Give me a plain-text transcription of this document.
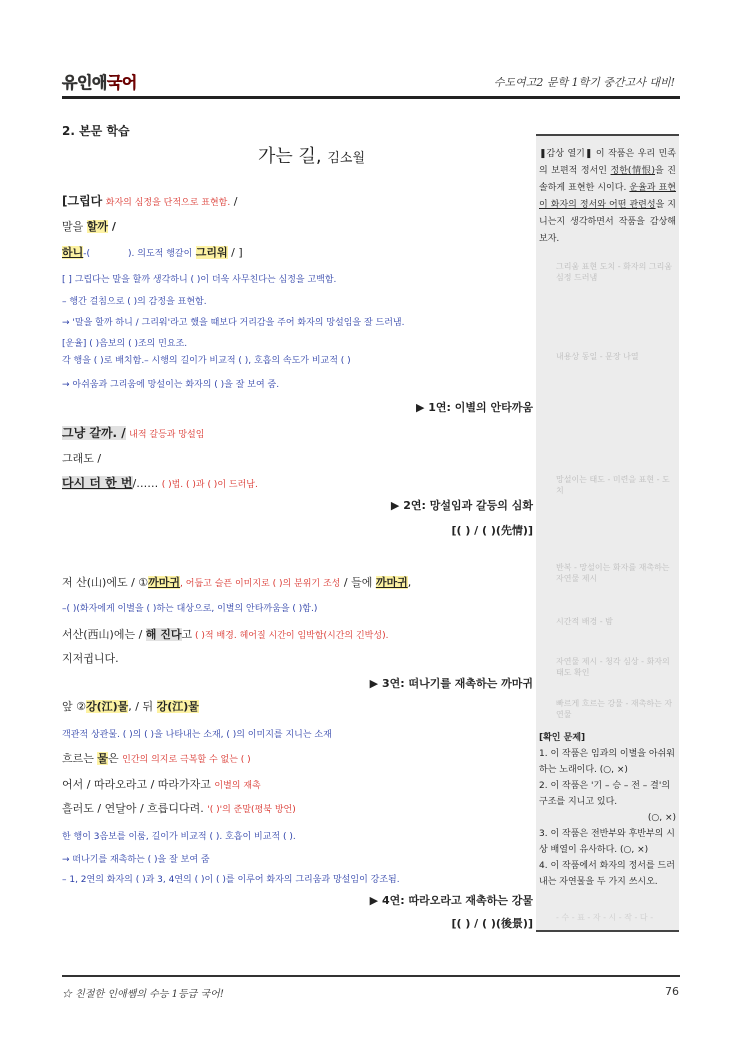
유인애국어	수도여고2 문학 1학기 중간고사 대비!
2. 본문 학습
가는 길, 김소월	❚감상 열기❚ 이 작품은 우리 민족의 보편적 정서인 정한(情恨)을 진솔하게 표현한 시이다. 운율과 표현이 화자의 정서와 어떤 관련성을 지니는지 생각하면서 작품을 감상해 보자.
그리움 표현 도치 - 화자의 그리움 심정 드러냄
내용상 동일 - 문장 나열
망설이는 태도 - 미련을 표현 - 도치
반복 - 망설이는 화자를 재촉하는 자연물 제시
시간적 배경 - 밤
자연물 제시 - 청각 심상 - 화자의 태도 확인
빠르게 흐르는 강물 - 재촉하는 자연물
[확인 문제]
1. 이 작품은 임과의 이별을 아쉬워하는 노래이다. (○, ×)
2. 이 작품은 '기 – 승 – 전 – 결'의 구조를 지니고 있다.
(○, ×)
3. 이 작품은 전반부와 후반부의 시상 배열이 유사하다. (○, ×)
4. 이 작품에서 화자의 정서를 드러내는 자연물을 두 가지 쓰시오.
- 수 - 표 - 자 - 시 - 작 - 다 -
[그립다 화자의 심정을 단적으로 표현함. /
말을 할까 /
하니-(	). 의도적 행갈이 그리워 / ]
[ ] 그립다는 말을 할까 생각하니 ( )이 더욱 사무친다는 심정을 고백함.
– 행간 걸침으로 ( )의 감정을 표현함.
→ '말을 할까 하니 / 그리워'라고 했을 때보다 거리감을 주어 화자의 망설임을 잘 드러냄.
[운율] ( )음보의 ( )조의 민요조.
각 행을 ( )로 배치함.– 시행의 길이가 비교적 ( ), 호흡의 속도가 비교적 ( )
→ 아쉬움과 그리움에 망설이는 화자의 ( )을 잘 보여 줌.
▶ 1연: 이별의 안타까움
그냥 갈까. / 내적 갈등과 망설임
그래도 /
다시 더 한 번/…… ( )법. ( )과 ( )이 드러남.
▶ 2연: 망설임과 갈등의 심화
[( ) / ( )(先情)]
저 산(山)에도 / ①까마귀, 어둡고 슬픈 이미지로 ( )의 분위기 조성 / 들에 까마귀,
–( )(화자에게 이별을 ( )하는 대상으로, 이별의 안타까움을 ( )함.)
서산(西山)에는 / 해 진다고 ( )적 배경. 헤어질 시간이 임박함(시간의 긴박성).
지저귑니다.
▶ 3연: 떠나기를 재촉하는 까마귀
앞 ②강(江)물, / 뒤 강(江)물
객관적 상관물. ( )의 ( )을 나타내는 소재, ( )의 이미지를 지니는 소재
흐르는 물은 인간의 의지로 극복할 수 없는 ( )
어서 / 따라오라고 / 따라가자고 이별의 재촉
흘러도 / 연달아 / 흐릅디다려. '( )'의 준말(평북 방언)
한 행이 3음보를 이룸, 길이가 비교적 ( ). 호흡이 비교적 ( ).
→ 떠나기를 재촉하는 ( )을 잘 보여 줌
– 1, 2연의 화자의 ( )과 3, 4연의 ( )이 ( )를 이루어 화자의 그리움과 망설임이 강조됨.
▶ 4연: 따라오라고 재촉하는 강물
[( ) / ( )(後景)]
☆ 친절한 인애쌤의 수능 1등급 국어!	76
